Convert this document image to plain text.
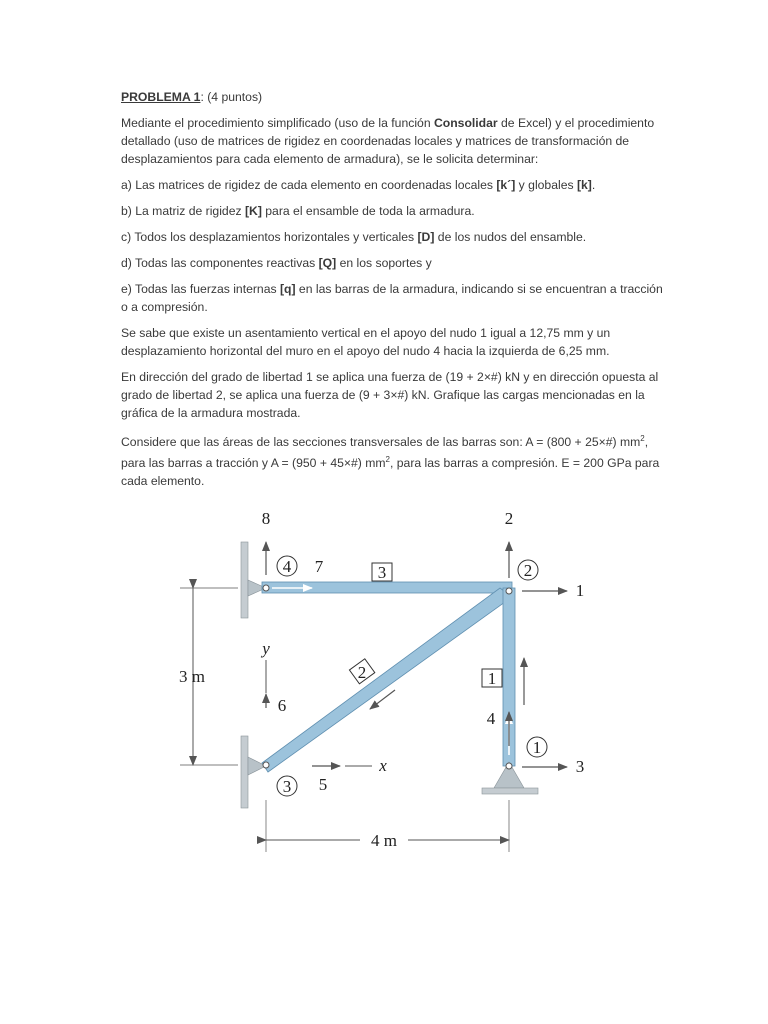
PROBLEMA 1: (4 puntos)

Mediante el procedimiento simplificado (uso de la función Consolidar de Excel) y el procedimiento detallado (uso de matrices de rigidez en coordenadas locales y matrices de transformación de desplazamientos para cada elemento de armadura), se le solicita determinar:

a) Las matrices de rigidez de cada elemento en coordenadas locales [k´] y globales [k].

b) La matriz de rigidez [K] para el ensamble de toda la armadura.

c) Todos los desplazamientos horizontales y verticales [D] de los nudos del ensamble.

d) Todas las componentes reactivas [Q] en los soportes y

e) Todas las fuerzas internas [q] en las barras de la armadura, indicando si se encuentran a tracción o a compresión.

Se sabe que existe un asentamiento vertical en el apoyo del nudo 1 igual a 12,75 mm y un desplazamiento horizontal del muro en el apoyo del nudo 4 hacia la izquierda de 6,25 mm.

En dirección del grado de libertad 1 se aplica una fuerza de (19 + 2×#) kN y en dirección opuesta al grado de libertad 2, se aplica una fuerza de (9 + 3×#) kN. Grafique las cargas mencionadas en la gráfica de la armadura mostrada.

Considere que las áreas de las secciones transversales de las barras son: A = (800 + 25×#) $mm^2$, para las barras a tracción y A = (950 + 45×#) $mm^2$, para las barras a compresión. E = 200 GPa para cada elemento.

8
7
2
1
6
4
5
3
4	2
3
1
3
2	1
y
x
3 m
4 m
